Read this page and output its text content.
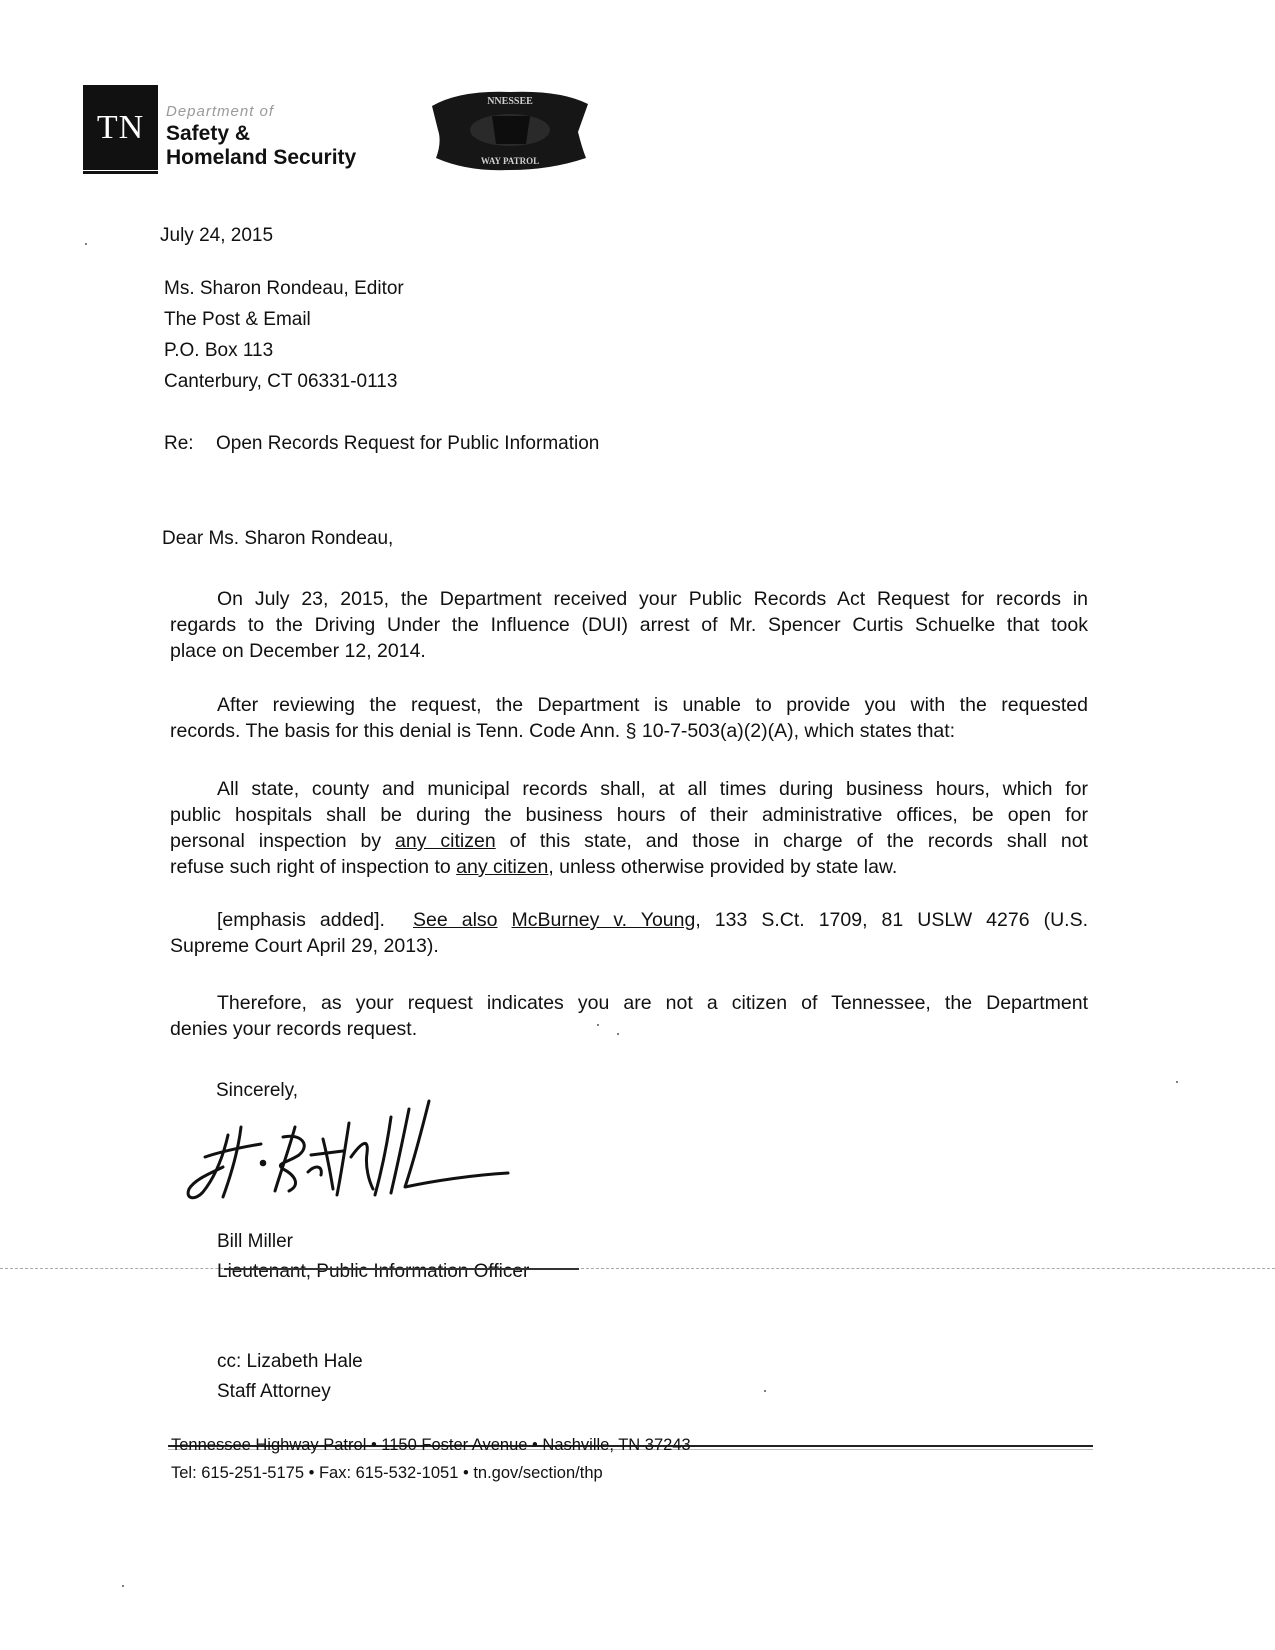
TN Department of
Safety &
Homeland Security
NNESSEE
WAY PATROL
July 24, 2015
Ms. Sharon Rondeau, Editor
The Post & Email
P.O. Box 113
Canterbury, CT 06331-0113
Re: Open Records Request for Public Information
Dear Ms. Sharon Rondeau,
On July 23, 2015, the Department received your Public Records Act Request for records in
regards to the Driving Under the Influence (DUI) arrest of Mr. Spencer Curtis Schuelke that took
place on December 12, 2014.
After reviewing the request, the Department is unable to provide you with the requested
records. The basis for this denial is Tenn. Code Ann. § 10-7-503(a)(2)(A), which states that:
All state, county and municipal records shall, at all times during business hours, which for
public hospitals shall be during the business hours of their administrative offices, be open for
personal inspection by any citizen of this state, and those in charge of the records shall not
refuse such right of inspection to any citizen, unless otherwise provided by state law.
[emphasis added].  See also McBurney v. Young, 133 S.Ct. 1709, 81 USLW 4276 (U.S.
Supreme Court April 29, 2013).
Therefore, as your request indicates you are not a citizen of Tennessee, the Department
denies your records request.
Sincerely,
Bill Miller
Lieutenant, Public Information Officer
cc: Lizabeth Hale
Staff Attorney
Tennessee Highway Patrol • 1150 Foster Avenue • Nashville, TN 37243
Tel: 615-251-5175 • Fax: 615-532-1051 • tn.gov/section/thp
